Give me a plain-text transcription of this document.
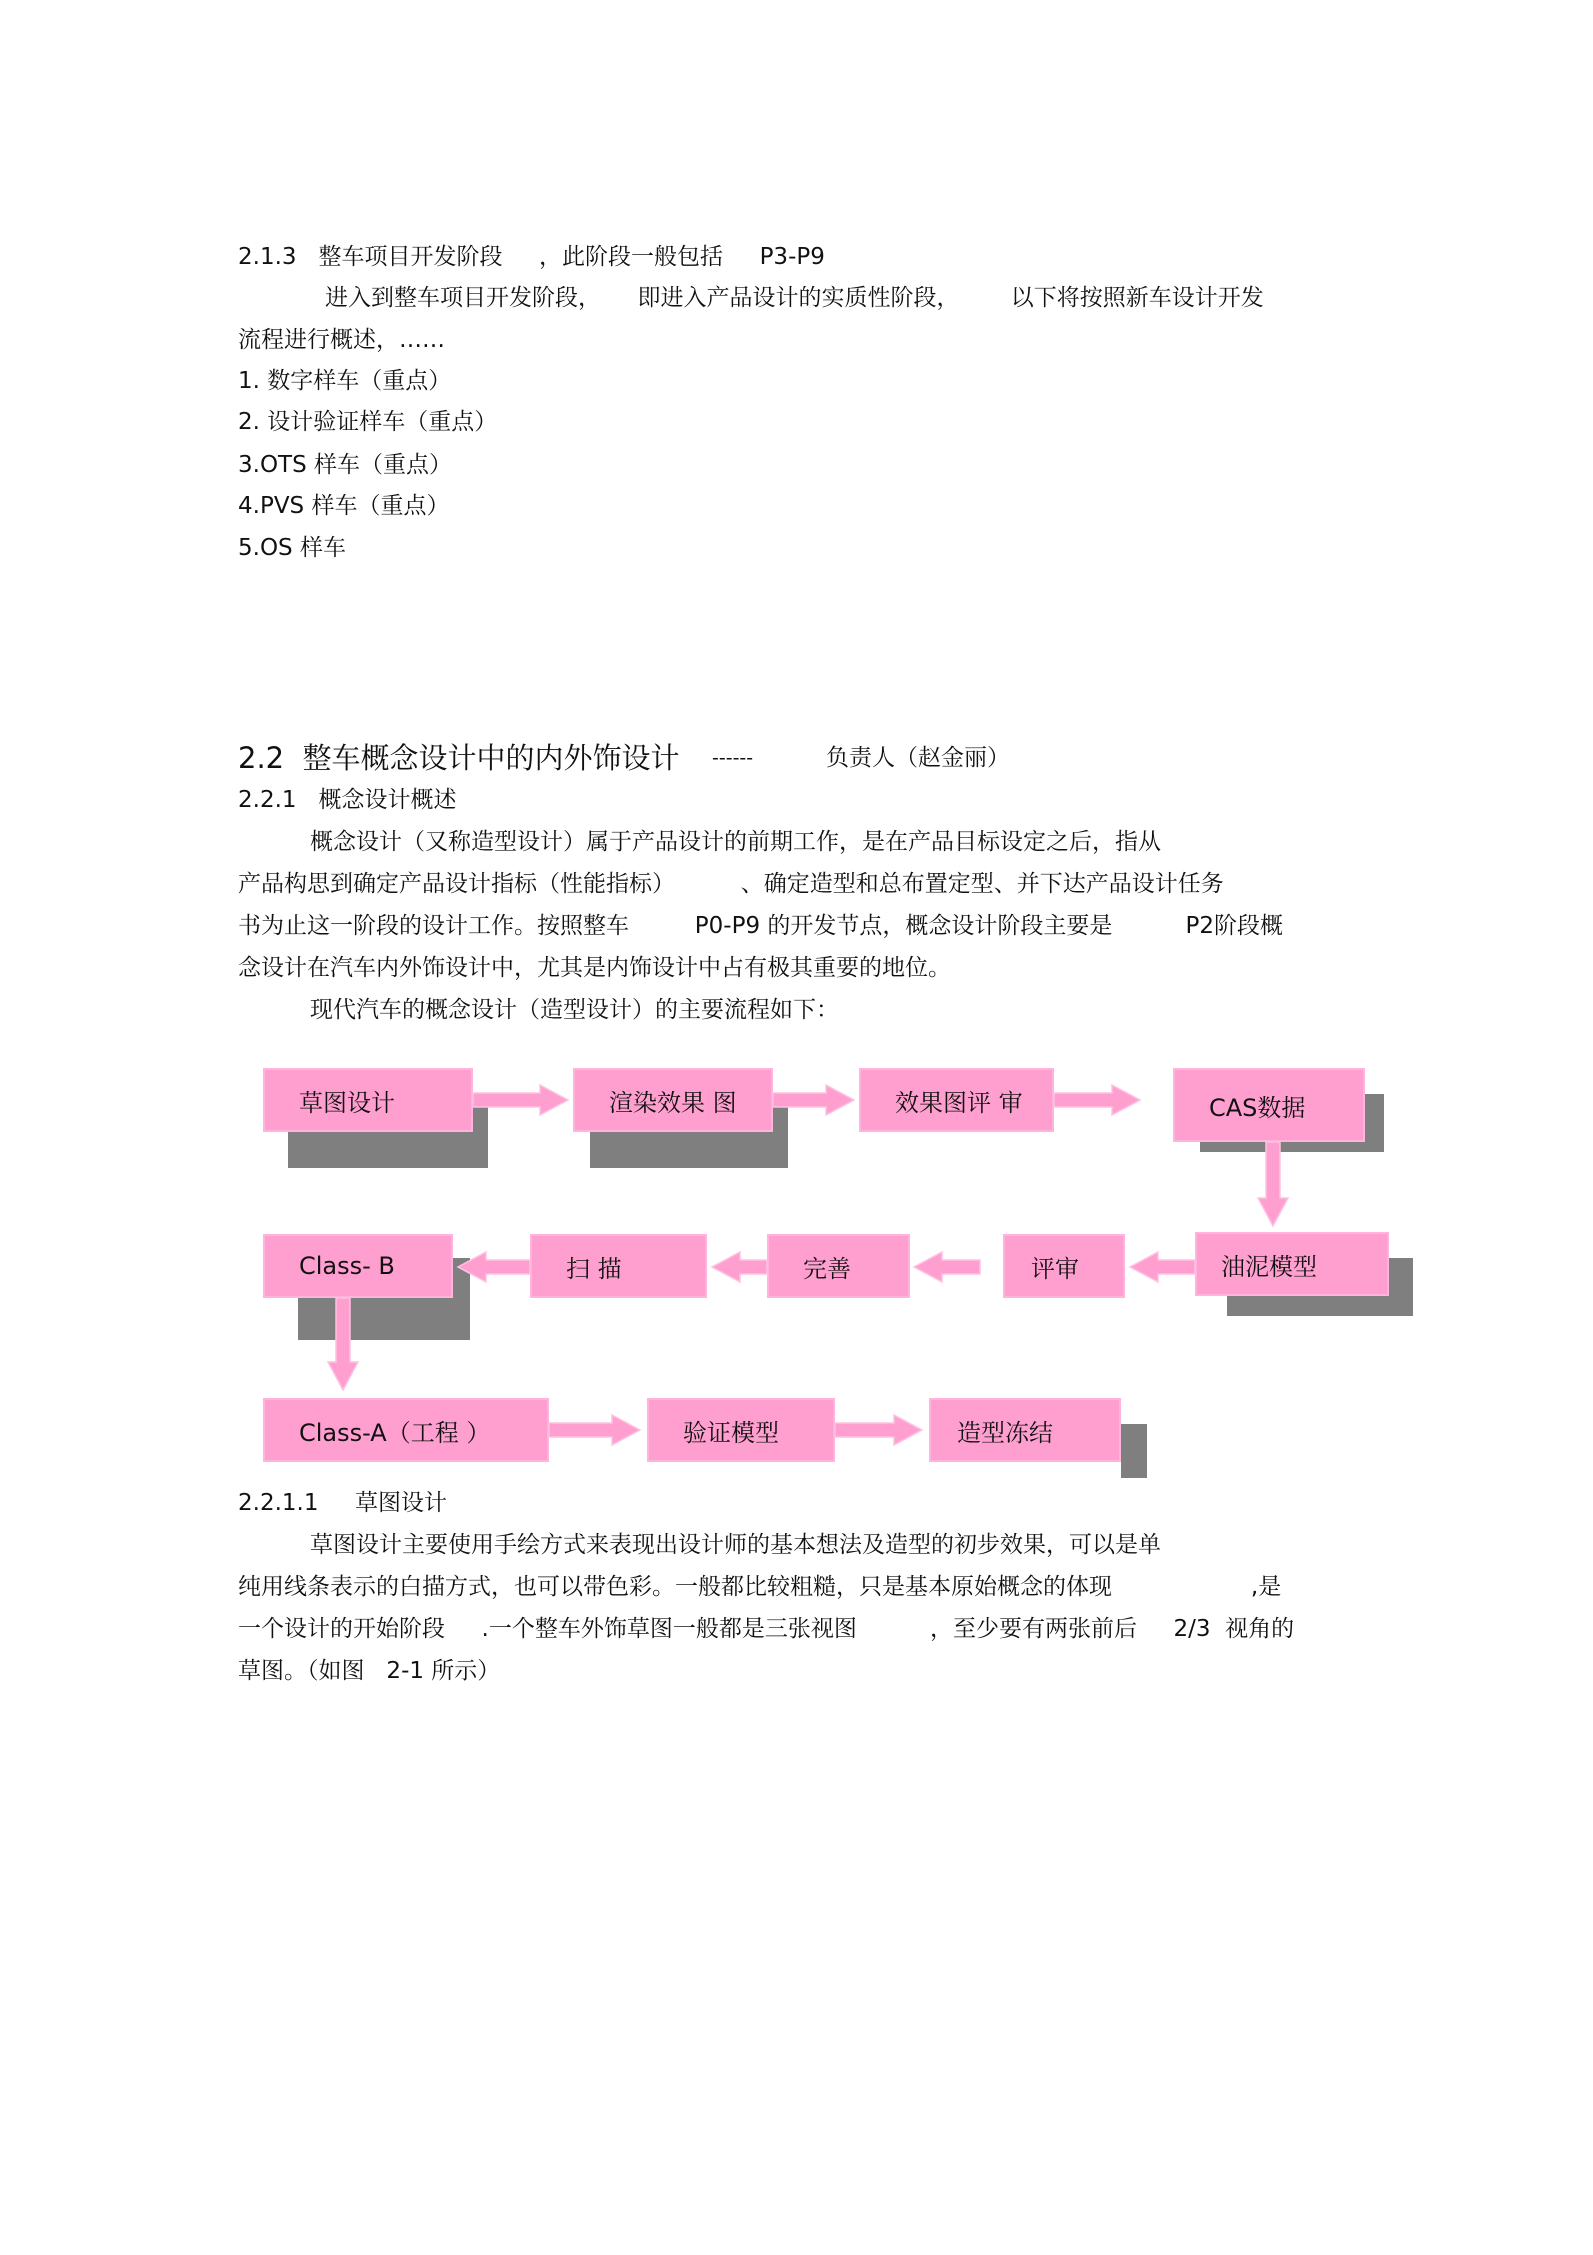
2.1.3   整车项目开发阶段     ，此阶段一般包括     P3-P9
进入到整车项目开发阶段，     即进入产品设计的实质性阶段，       以下将按照新车设计开发
流程进行概述，……
1. 数字样车（重点）
2. 设计验证样车（重点）
3.OTS 样车（重点）
4.PVS 样车（重点）
5.OS 样车
2.2  整车概念设计中的内外饰设计 ------	负责人（赵金丽）
2.2.1   概念设计概述
概念设计（又称造型设计）属于产品设计的前期工作，是在产品目标设定之后，指从
产品构思到确定产品设计指标（性能指标）         、确定造型和总布置定型、并下达产品设计任务
书为止这一阶段的设计工作。按照整车         P0-P9 的开发节点，概念设计阶段主要是          P2阶段概
念设计在汽车内外饰设计中，尤其是内饰设计中占有极其重要的地位。
现代汽车的概念设计（造型设计）的主要流程如下：
草图设计	渲染效果 图	效果图评 审	CAS数据
Class- B	扫 描	完善	评审	油泥模型
Class-A（工程 ）	验证模型	造型冻结
2.2.1.1     草图设计
草图设计主要使用手绘方式来表现出设计师的基本想法及造型的初步效果，可以是单
纯用线条表示的白描方式，也可以带色彩。一般都比较粗糙，只是基本原始概念的体现                   ,是
一个设计的开始阶段     .一个整车外饰草图一般都是三张视图          ，至少要有两张前后     2/3  视角的
草图。（如图   2-1 所示）
